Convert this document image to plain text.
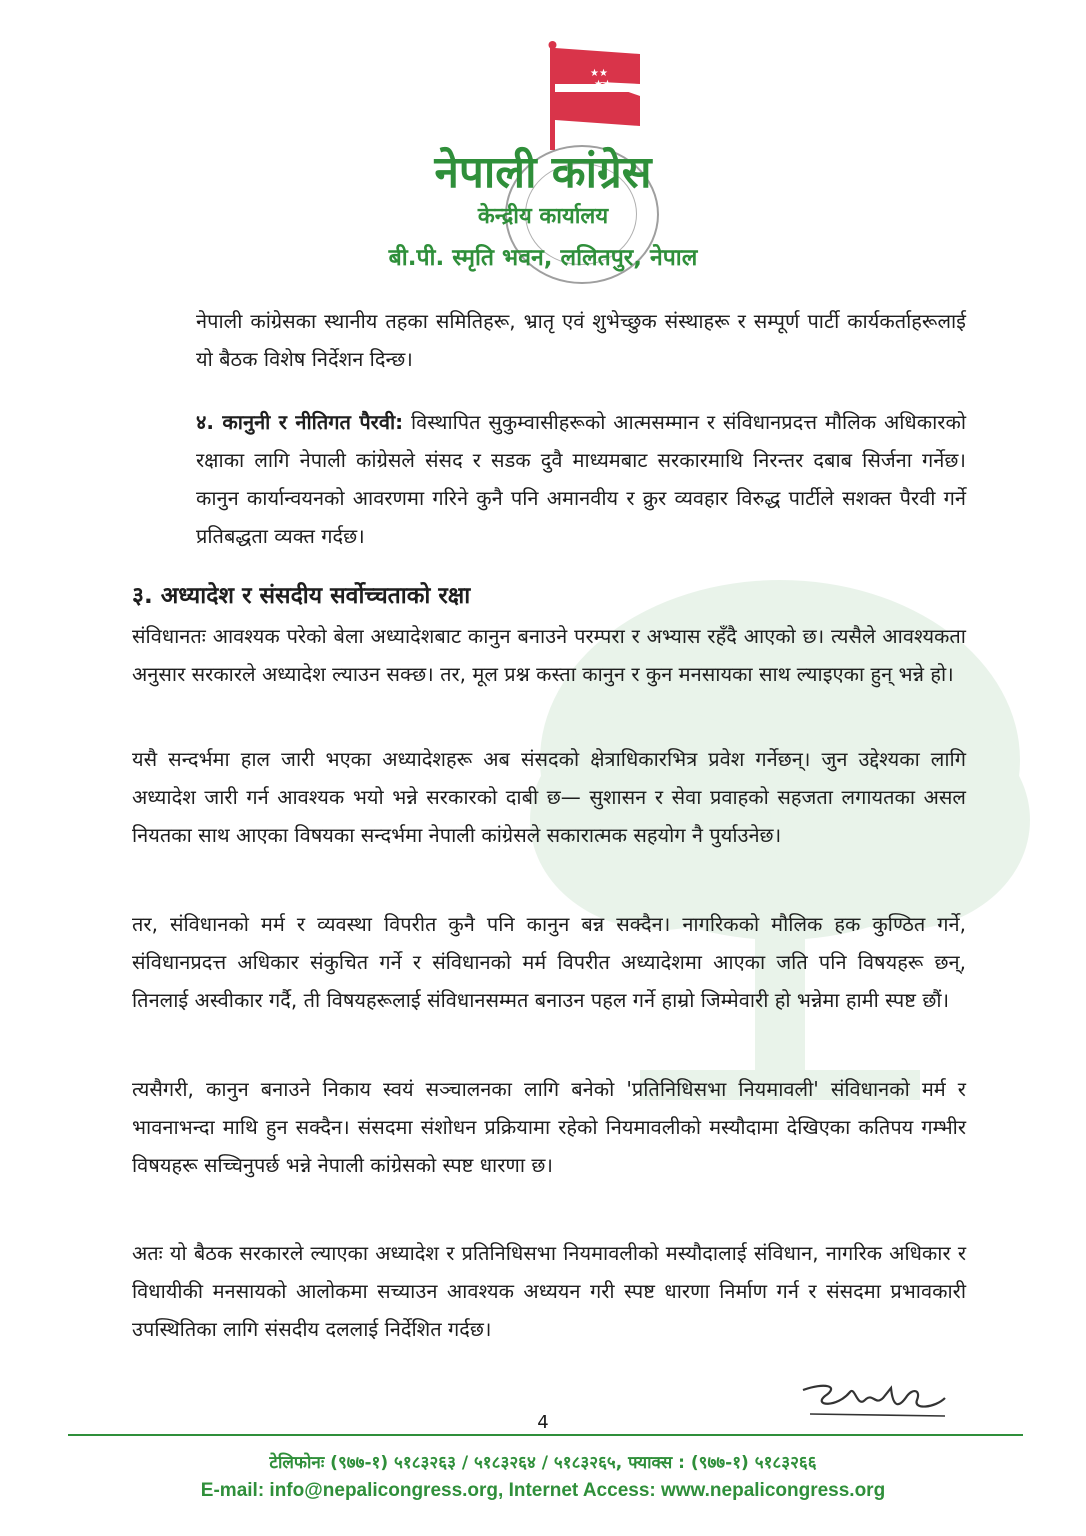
★★
★★
नेपाली कांग्रेस
केन्द्रीय कार्यालय
बी.पी. स्मृति भवन, ललितपुर, नेपाल
नेपाली कांग्रेसका स्थानीय तहका समितिहरू, भ्रातृ एवं शुभेच्छुक संस्थाहरू र सम्पूर्ण पार्टी कार्यकर्ताहरूलाई यो बैठक विशेष निर्देशन दिन्छ।
४. कानुनी र नीतिगत पैरवी: विस्थापित सुकुम्वासीहरूको आत्मसम्मान र संविधानप्रदत्त मौलिक अधिकारको रक्षाका लागि नेपाली कांग्रेसले संसद र सडक दुवै माध्यमबाट सरकारमाथि निरन्तर दबाब सिर्जना गर्नेछ। कानुन कार्यान्वयनको आवरणमा गरिने कुनै पनि अमानवीय र क्रुर व्यवहार विरुद्ध पार्टीले सशक्त पैरवी गर्ने प्रतिबद्धता व्यक्त गर्दछ।
३. अध्यादेश र संसदीय सर्वोच्चताको रक्षा
संविधानतः आवश्यक परेको बेला अध्यादेशबाट कानुन बनाउने परम्परा र अभ्यास रहँदै आएको छ। त्यसैले आवश्यकता अनुसार सरकारले अध्यादेश ल्याउन सक्छ। तर, मूल प्रश्न कस्ता कानुन र कुन मनसायका साथ ल्याइएका हुन् भन्ने हो।
यसै सन्दर्भमा हाल जारी भएका अध्यादेशहरू अब संसदको क्षेत्राधिकारभित्र प्रवेश गर्नेछन्। जुन उद्देश्यका लागि अध्यादेश जारी गर्न आवश्यक भयो भन्ने सरकारको दाबी छ— सुशासन र सेवा प्रवाहको सहजता लगायतका असल नियतका साथ आएका विषयका सन्दर्भमा नेपाली कांग्रेसले सकारात्मक सहयोग नै पुर्याउनेछ।
तर, संविधानको मर्म र व्यवस्था विपरीत कुनै पनि कानुन बन्न सक्दैन। नागरिकको मौलिक हक कुण्ठित गर्ने, संविधानप्रदत्त अधिकार संकुचित गर्ने र संविधानको मर्म विपरीत अध्यादेशमा आएका जति पनि विषयहरू छन्, तिनलाई अस्वीकार गर्दै, ती विषयहरूलाई संविधानसम्मत बनाउन पहल गर्ने हाम्रो जिम्मेवारी हो भन्नेमा हामी स्पष्ट छौं।
त्यसैगरी, कानुन बनाउने निकाय स्वयं सञ्चालनका लागि बनेको 'प्रतिनिधिसभा नियमावली' संविधानको मर्म र भावनाभन्दा माथि हुन सक्दैन। संसदमा संशोधन प्रक्रियामा रहेको नियमावलीको मस्यौदामा देखिएका कतिपय गम्भीर विषयहरू सच्चिनुपर्छ भन्ने नेपाली कांग्रेसको स्पष्ट धारणा छ।
अतः यो बैठक सरकारले ल्याएका अध्यादेश र प्रतिनिधिसभा नियमावलीको मस्यौदालाई संविधान, नागरिक अधिकार र विधायीकी मनसायको आलोकमा सच्याउन आवश्यक अध्ययन गरी स्पष्ट धारणा निर्माण गर्न र संसदमा प्रभावकारी उपस्थितिका लागि संसदीय दललाई निर्देशित गर्दछ।
4
टेलिफोनः (९७७-१) ५१८३२६३ / ५१८३२६४ / ५१८३२६५, फ्याक्स : (९७७-१) ५१८३२६६
E-mail: info@nepalicongress.org, Internet Access: www.nepalicongress.org
